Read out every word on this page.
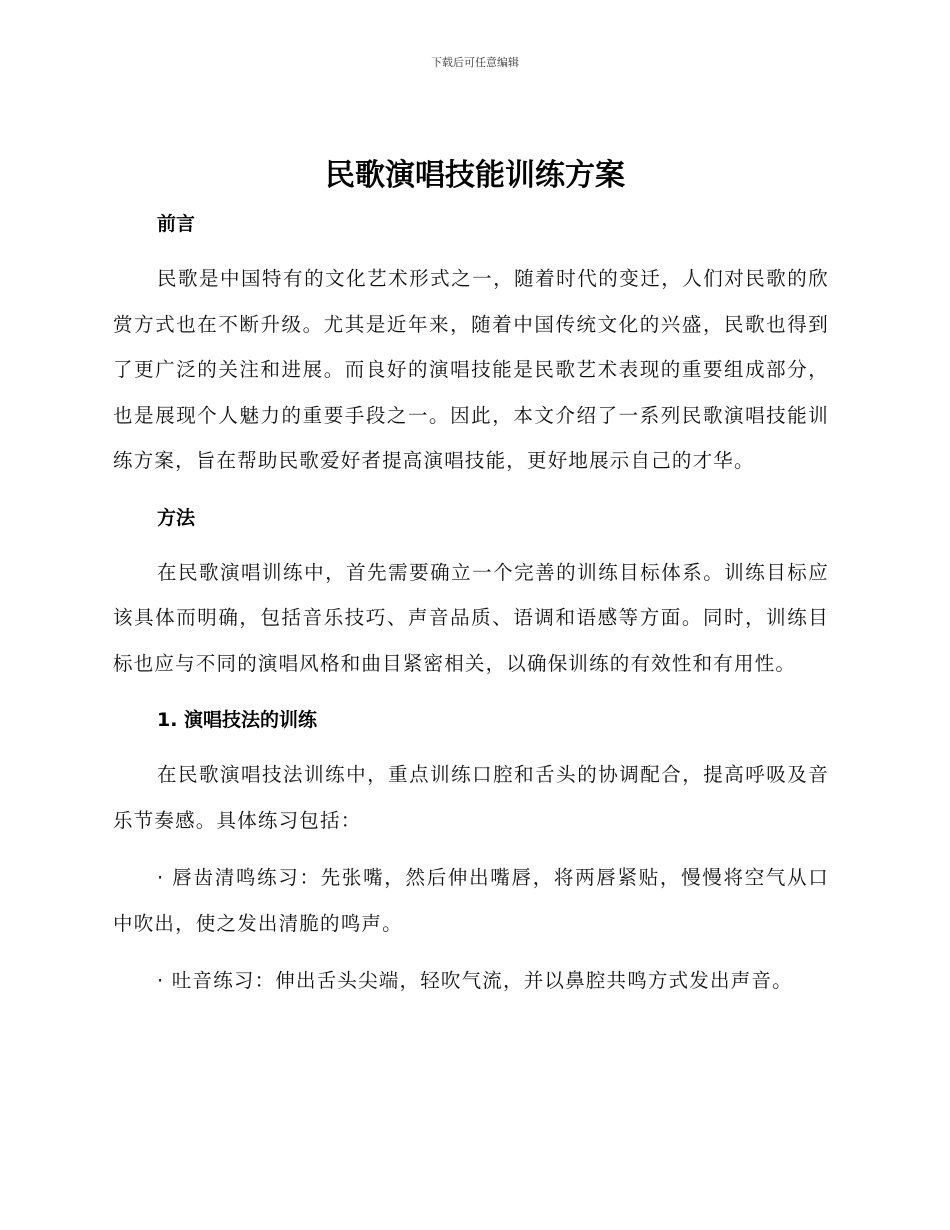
下载后可任意编辑
民歌演唱技能训练方案
前言

民歌是中国特有的文化艺术形式之一，随着时代的变迁，人们对民歌的欣赏方式也在不断升级。尤其是近年来，随着中国传统文化的兴盛，民歌也得到了更广泛的关注和进展。而良好的演唱技能是民歌艺术表现的重要组成部分，也是展现个人魅力的重要手段之一。因此，本文介绍了一系列民歌演唱技能训练方案，旨在帮助民歌爱好者提高演唱技能，更好地展示自己的才华。

方法

在民歌演唱训练中，首先需要确立一个完善的训练目标体系。训练目标应该具体而明确，包括音乐技巧、声音品质、语调和语感等方面。同时，训练目标也应与不同的演唱风格和曲目紧密相关，以确保训练的有效性和有用性。

1. 演唱技法的训练

在民歌演唱技法训练中，重点训练口腔和舌头的协调配合，提高呼吸及音乐节奏感。具体练习包括：

· 唇齿清鸣练习：先张嘴，然后伸出嘴唇，将两唇紧贴，慢慢将空气从口中吹出，使之发出清脆的鸣声。

· 吐音练习：伸出舌头尖端，轻吹气流，并以鼻腔共鸣方式发出声音。
